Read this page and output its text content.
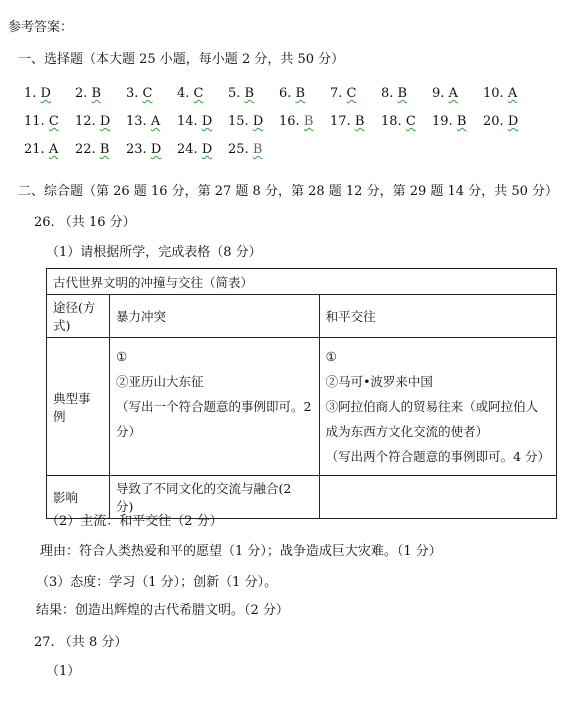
参考答案：
一、选择题（本大题 25 小题，每小题 2 分，共 50 分）
1. D	2. B	3. C	4. C	5. B	6. B	7. C	8. B	9. A	10. A
11. C	12. D	13. A	14. D	15. D	16. B	17. B	18. C	19. B	20. D
21. A	22. B	23. D	24. D	25. B
二、综合题（第 26 题 16 分，第 27 题 8 分，第 28 题 12 分，第 29 题 14 分，共 50 分）
26. （共 16 分）
（1）请根据所学，完成表格（8 分）
古代世界文明的冲撞与交往（简表）		
途径(方式)	暴力冲突	和平交往
典型事例	①
②亚历山大东征
（写出一个符合题意的事例即可。2
分）	①
②马可•波罗来中国
③阿拉伯商人的贸易往来（或阿拉伯人
成为东西方文化交流的使者）
（写出两个符合题意的事例即可。4 分）

影响	导致了不同文化的交流与融合(2 分)	
（2）主流：和平交往（2 分）
理由：符合人类热爱和平的愿望（1 分）；战争造成巨大灾难。（1 分）
（3）态度：学习（1 分）；创新（1 分）。
结果：创造出辉煌的古代希腊文明。（2 分）
27. （共 8 分）
（1）
